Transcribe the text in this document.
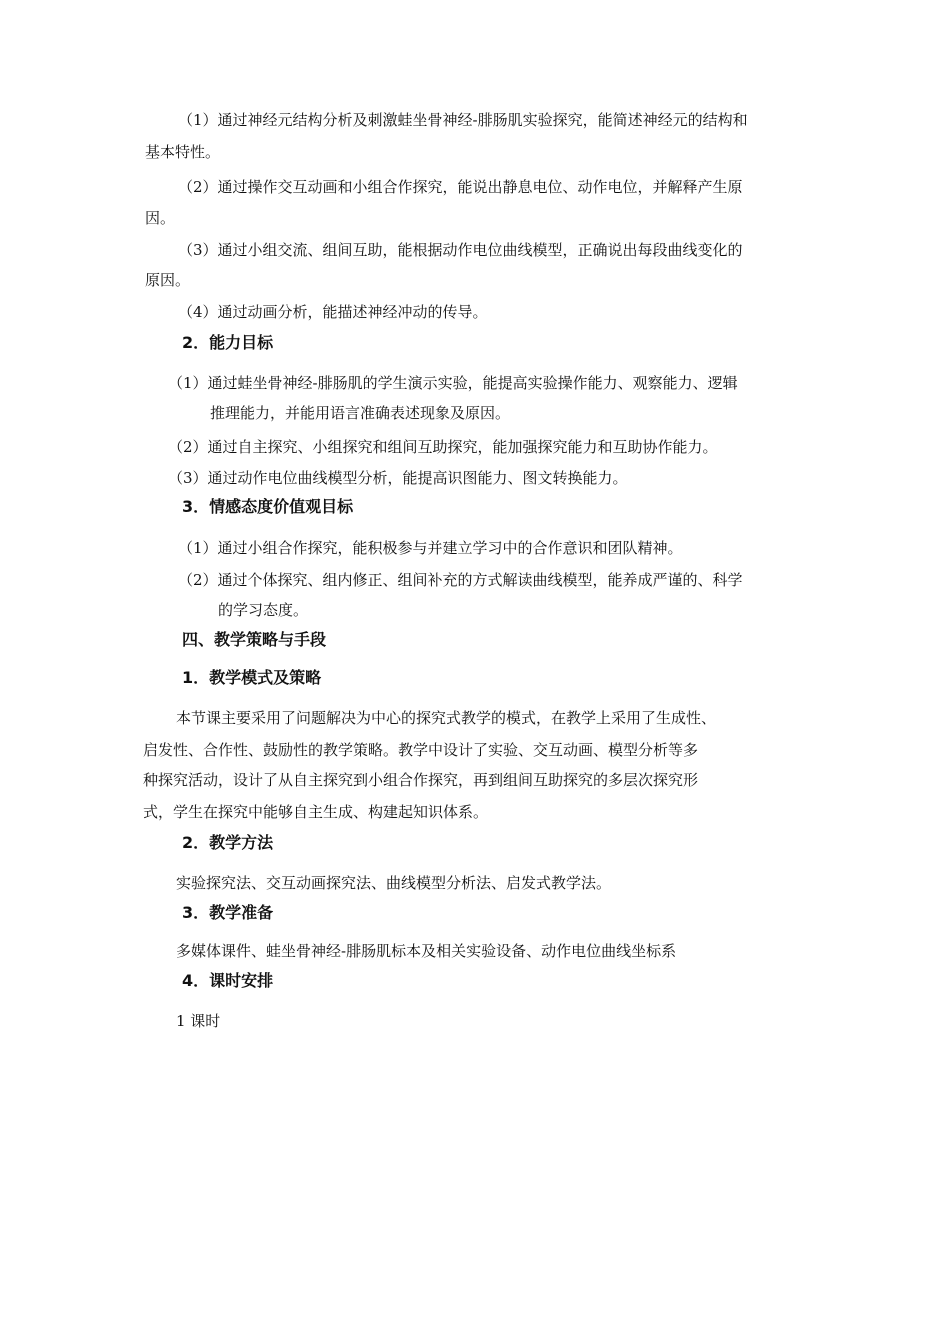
（1）通过神经元结构分析及刺激蛙坐骨神经-腓肠肌实验探究，能简述神经元的结构和
基本特性。
（2）通过操作交互动画和小组合作探究，能说出静息电位、动作电位，并解释产生原
因。
（3）通过小组交流、组间互助，能根据动作电位曲线模型，正确说出每段曲线变化的
原因。
（4）通过动画分析，能描述神经冲动的传导。
2．能力目标
（1）通过蛙坐骨神经-腓肠肌的学生演示实验，能提高实验操作能力、观察能力、逻辑
推理能力，并能用语言准确表述现象及原因。
（2）通过自主探究、小组探究和组间互助探究，能加强探究能力和互助协作能力。
（3）通过动作电位曲线模型分析，能提高识图能力、图文转换能力。
3．情感态度价值观目标
（1）通过小组合作探究，能积极参与并建立学习中的合作意识和团队精神。
（2）通过个体探究、组内修正、组间补充的方式解读曲线模型，能养成严谨的、科学
的学习态度。
四、教学策略与手段
1．教学模式及策略
本节课主要采用了问题解决为中心的探究式教学的模式，在教学上采用了生成性、
启发性、合作性、鼓励性的教学策略。教学中设计了实验、交互动画、模型分析等多
种探究活动，设计了从自主探究到小组合作探究，再到组间互助探究的多层次探究形
式，学生在探究中能够自主生成、构建起知识体系。
2．教学方法
实验探究法、交互动画探究法、曲线模型分析法、启发式教学法。
3．教学准备
多媒体课件、蛙坐骨神经-腓肠肌标本及相关实验设备、动作电位曲线坐标系
4．课时安排
1 课时
